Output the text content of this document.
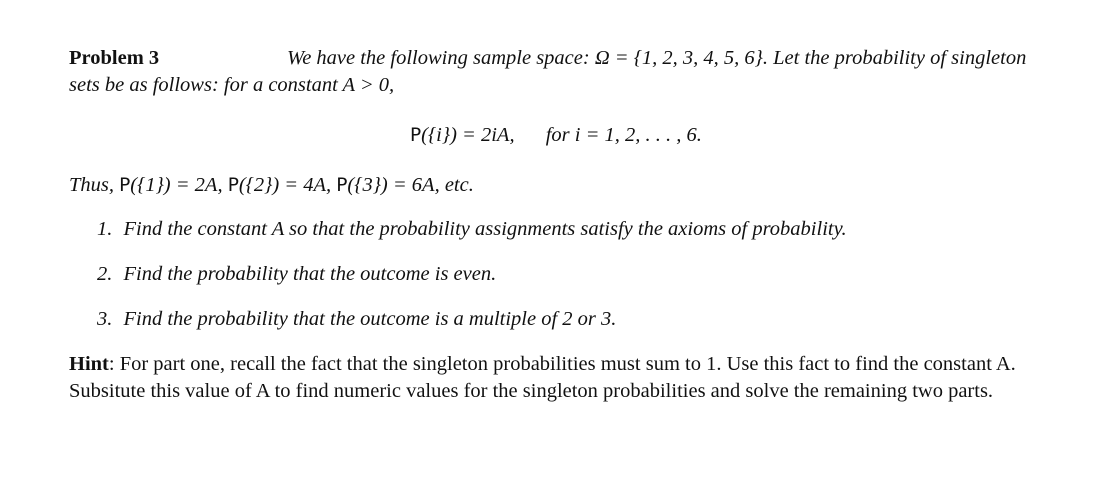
Problem 3	We have the following sample space: Ω = {1, 2, 3, 4, 5, 6}. Let the probability of singleton
sets be as follows: for a constant A > 0,
P({i}) = 2iA, for i = 1, 2, . . . , 6.
Thus, P({1}) = 2A, P({2}) = 4A, P({3}) = 6A, etc.
1. Find the constant A so that the probability assignments satisfy the axioms of probability.
2. Find the probability that the outcome is even.
3. Find the probability that the outcome is a multiple of 2 or 3.
Hint: For part one, recall the fact that the singleton probabilities must sum to 1. Use this fact to find the constant A.
Subsitute this value of A to find numeric values for the singleton probabilities and solve the remaining two parts.
